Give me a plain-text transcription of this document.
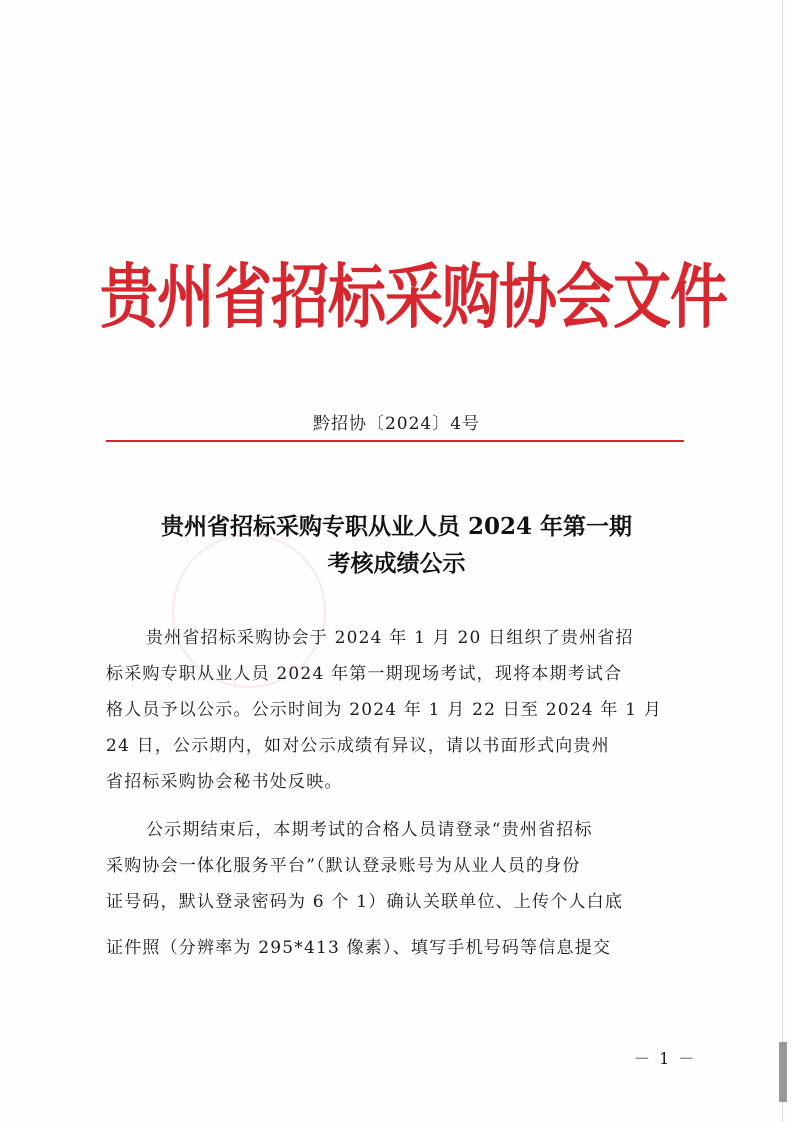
贵州省招标采购协会文件
黔招协〔2024〕4号
贵州省招标采购专职从业人员 2024 年第一期
考核成绩公示
贵州省招标采购协会于 2024 年 1 月 20 日组织了贵州省招
标采购专职从业人员 2024 年第一期现场考试，现将本期考试合
格人员予以公示。公示时间为 2024 年 1 月 22 日至 2024 年 1 月
24 日，公示期内，如对公示成绩有异议，请以书面形式向贵州
省招标采购协会秘书处反映。
公示期结束后，本期考试的合格人员请登录“贵州省招标
采购协会一体化服务平台”（默认登录账号为从业人员的身份
证号码，默认登录密码为 6 个 1）确认关联单位、上传个人白底
证件照（分辨率为 295*413 像素）、填写手机号码等信息提交
－ 1 －
